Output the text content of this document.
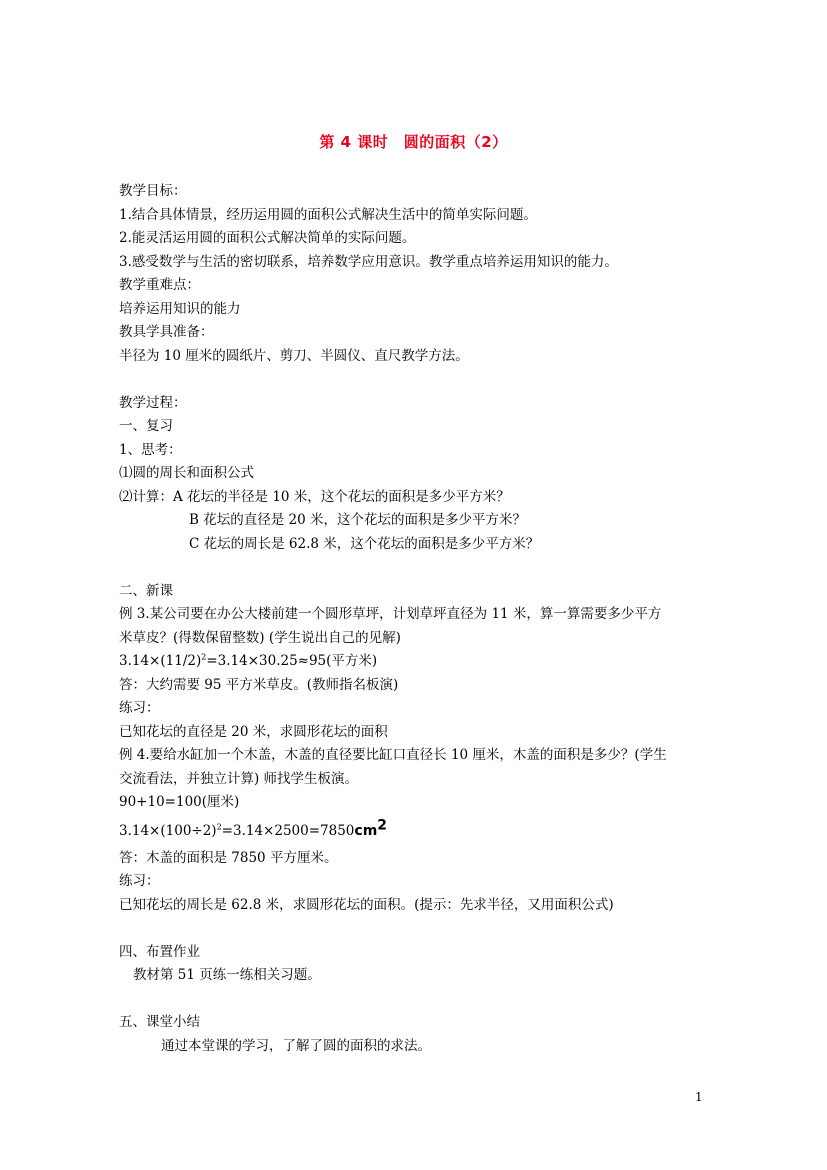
第 4 课时　圆的面积（2）
教学目标：
1.结合具体情景，经历运用圆的面积公式解决生活中的简单实际问题。
2.能灵活运用圆的面积公式解决简单的实际问题。
3.感受数学与生活的密切联系，培养数学应用意识。教学重点培养运用知识的能力。
教学重难点：
培养运用知识的能力
教具学具准备：
半径为 10 厘米的圆纸片、剪刀、半圆仪、直尺教学方法。
教学过程：
一、复习
1、思考：
⑴圆的周长和面积公式
⑵计算：A 花坛的半径是 10 米，这个花坛的面积是多少平方米？
B 花坛的直径是 20 米，这个花坛的面积是多少平方米？
C 花坛的周长是 62.8 米，这个花坛的面积是多少平方米？
二、新课
例 3.某公司要在办公大楼前建一个圆形草坪，计划草坪直径为 11 米，算一算需要多少平方
米草皮？(得数保留整数) (学生说出自己的见解)
$3.14\times(11/2)^2=3.14\times 30.25\approx 95$(平方米)
答：大约需要 95 平方米草皮。(教师指名板演)
练习：
已知花坛的直径是 20 米，求圆形花坛的面积
例 4.要给水缸加一个木盖，木盖的直径要比缸口直径长 10 厘米，木盖的面积是多少？(学生
交流看法，并独立计算) 师找学生板演。
90+10=100(厘米)
$3.14\times(100\div 2)^2=3.14\times 2500=7850cm^2$
答：木盖的面积是 7850 平方厘米。
练习：
已知花坛的周长是 62.8 米，求圆形花坛的面积。(提示：先求半径，又用面积公式)
四、布置作业
教材第 51 页练一练相关习题。
五、课堂小结
通过本堂课的学习，了解了圆的面积的求法。
1
